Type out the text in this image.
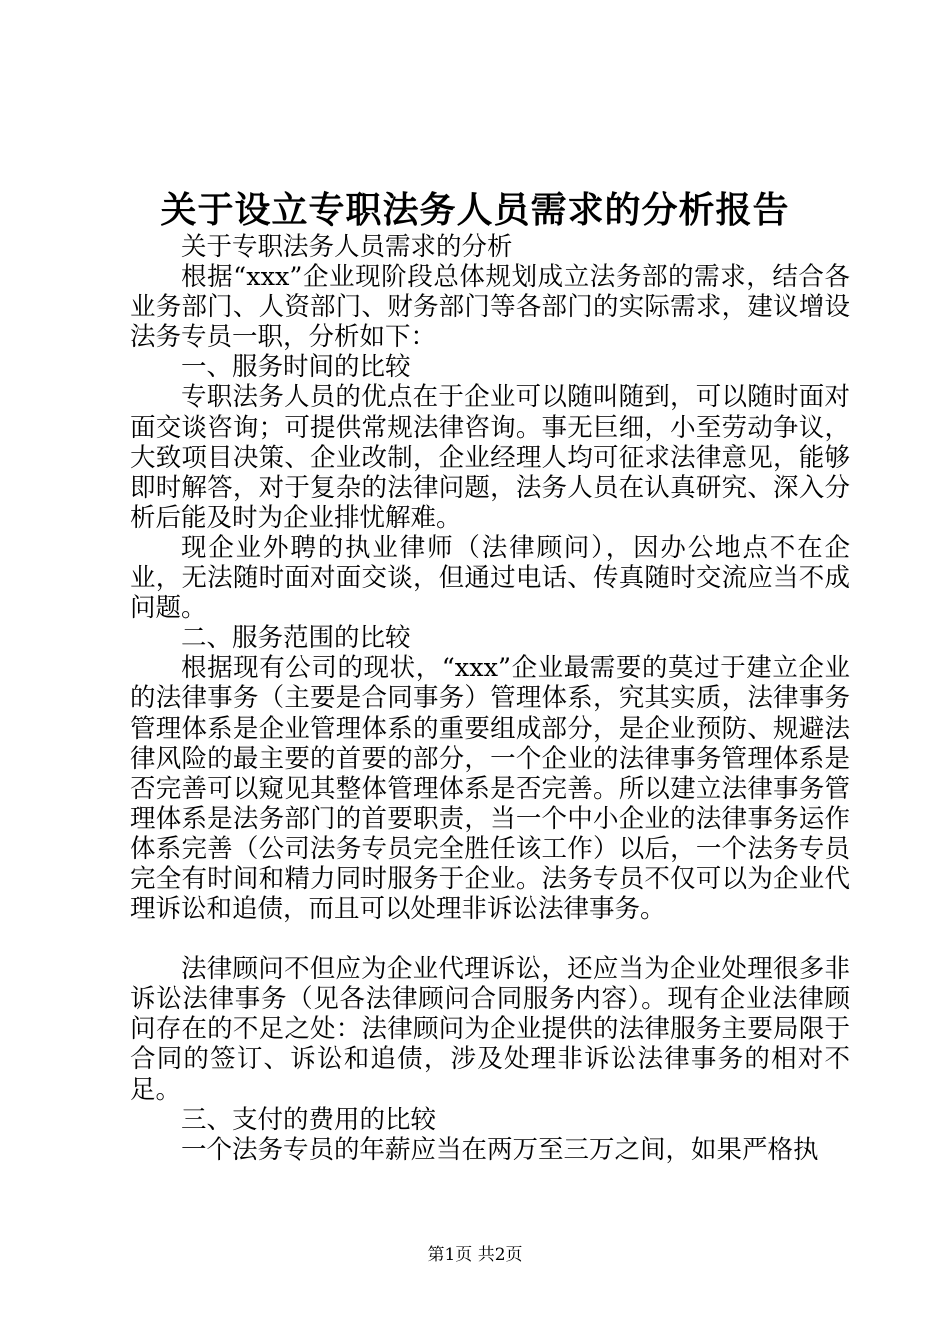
关于设立专职法务人员需求的分析报告

关于专职法务人员需求的分析

根据“xxx”企业现阶段总体规划成立法务部的需求，结合各业务部门、人资部门、财务部门等各部门的实际需求，建议增设法务专员一职，分析如下：

一、服务时间的比较

专职法务人员的优点在于企业可以随叫随到，可以随时面对面交谈咨询；可提供常规法律咨询。事无巨细，小至劳动争议，大致项目决策、企业改制，企业经理人均可征求法律意见，能够即时解答，对于复杂的法律问题，法务人员在认真研究、深入分析后能及时为企业排忧解难。

现企业外聘的执业律师（法律顾问），因办公地点不在企业，无法随时面对面交谈，但通过电话、传真随时交流应当不成问题。

二、服务范围的比较

根据现有公司的现状，“xxx”企业最需要的莫过于建立企业的法律事务（主要是合同事务）管理体系，究其实质，法律事务管理体系是企业管理体系的重要组成部分，是企业预防、规避法律风险的最主要的首要的部分，一个企业的法律事务管理体系是否完善可以窥见其整体管理体系是否完善。所以建立法律事务管理体系是法务部门的首要职责，当一个中小企业的法律事务运作体系完善（公司法务专员完全胜任该工作）以后，一个法务专员完全有时间和精力同时服务于企业。法务专员不仅可以为企业代理诉讼和追债，而且可以处理非诉讼法律事务。

法律顾问不但应为企业代理诉讼，还应当为企业处理很多非诉讼法律事务（见各法律顾问合同服务内容）。现有企业法律顾问存在的不足之处：法律顾问为企业提供的法律服务主要局限于合同的签订、诉讼和追债，涉及处理非诉讼法律事务的相对不足。

三、支付的费用的比较

一个法务专员的年薪应当在两万至三万之间，如果严格执

第1页 共2页
